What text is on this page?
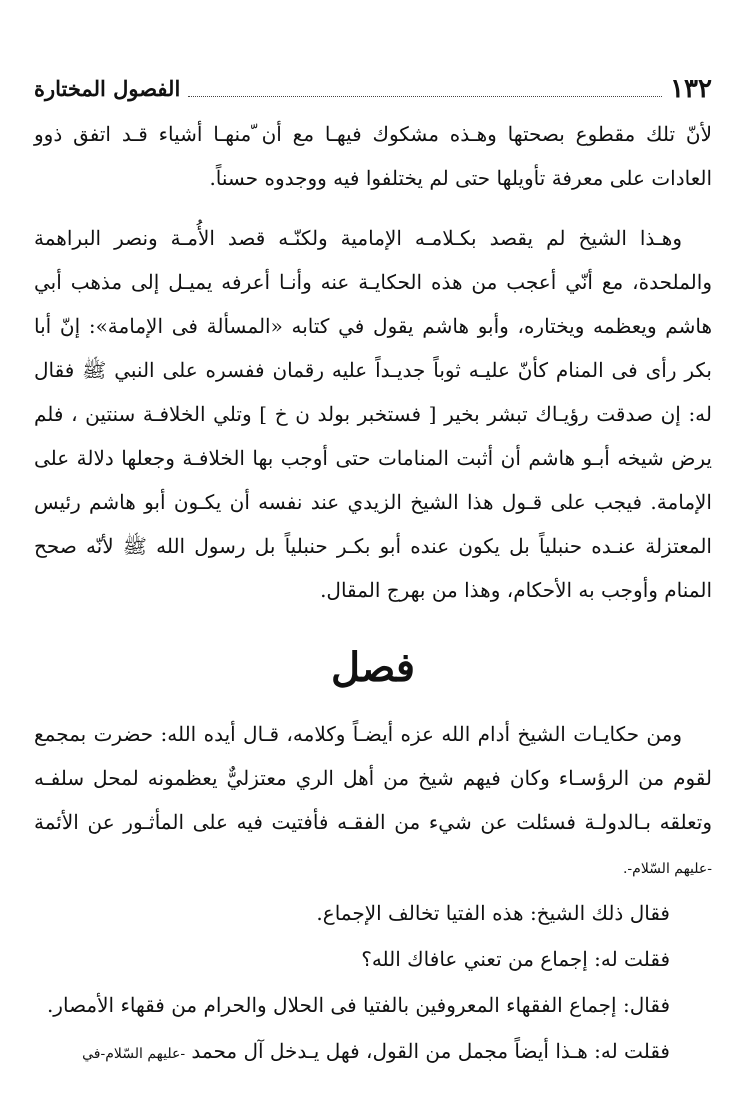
١٣٢
الفصول المختارة

لأنّ تلك مقطوع بصحتها وهـذه مشكوك فيهـا مع أن ّمنهـا أشياء قـد اتفق ذوو العادات على معرفة تأويلها حتى لم يختلفوا فيه ووجدوه حسناً.

وهـذا الشيخ لم يقصد بكـلامـه الإمامية ولكنّـه قصد الأُمـة ونصر البراهمة والملحدة، مع أنّي أعجب من هذه الحكايـة عنه وأنـا أعرفه يميـل إلى مذهب أبي هاشم ويعظمه ويختاره، وأبو هاشم يقول في كتابه «المسألة فى الإمامة»: إنّ أبا بكر رأى فى المنام كأنّ عليـه ثوباً جديـداً عليه رقمان ففسره على النبي ﷺ فقال له: إن صدقت رؤيـاك تبشر بخير [ فستخبر بولد ن خ ] وتلي الخلافـة سنتين ، فلم يرض شيخه أبـو هاشم أن أثبت المنامات حتى أوجب بها الخلافـة وجعلها دلالة على الإمامة. فيجب على قـول هذا الشيخ الزيدي عند نفسه أن يكـون أبو هاشم رئيس المعتزلة عنـده حنبلياً بل يكون عنده أبو بكـر حنبلياً بل رسول الله ﷺ لأنّه صحح المنام وأوجب به الأحكام، وهذا من بهرج المقال.

فصل

ومن حكايـات الشيخ أدام الله عزه أيضـاً وكلامه، قـال أيده الله: حضرت بمجمع لقوم من الرؤسـاء وكان فيهم شيخ من أهل الري معتزليٌّ يعظمونه لمحل سلفـه وتعلقه بـالدولـة فسئلت عن شيء من الفقـه فأفتيت فيه على المأثـور عن الأئمة -عليهم السّلام-.

فقال ذلك الشيخ: هذه الفتيا تخالف الإجماع.

فقلت له: إجماع من تعني عافاك الله؟

فقال: إجماع الفقهاء المعروفين بالفتيا فى الحلال والحرام من فقهاء الأمصار.

فقلت له: هـذا أيضاً مجمل من القول، فهل يـدخل آل محمد -عليهم السّلام-في
